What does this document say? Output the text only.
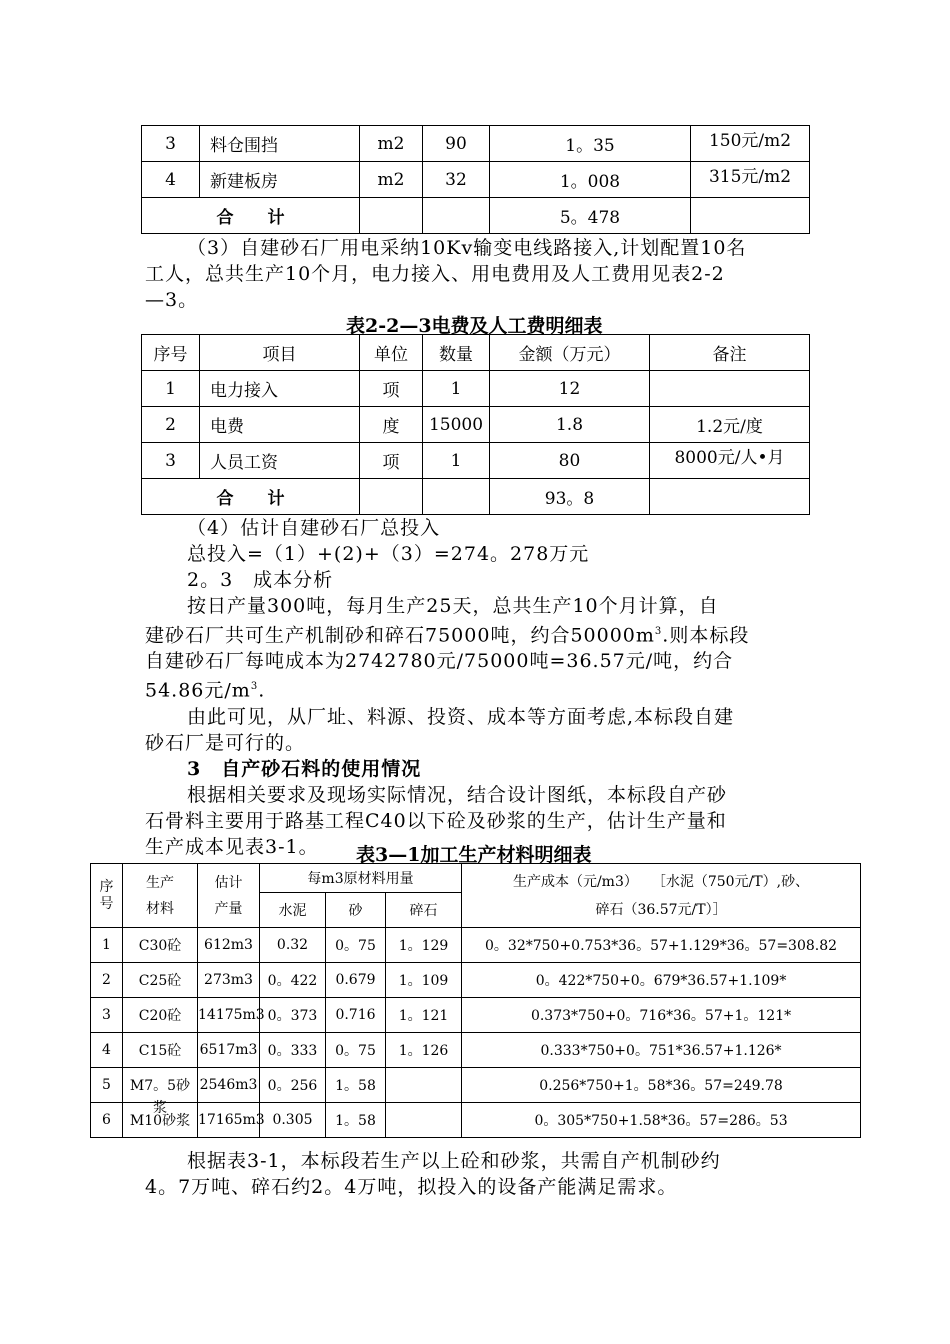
3	料仓围挡	m2	90	1。35	150元/m2
4	新建板房	m2	32	1。008	315元/m2
合　　计				5。478	
（3）自建砂石厂用电采纳10Kv输变电线路接入,计划配置10名
工人，总共生产10个月，电力接入、用电费用及人工费用见表2-2
—3。
表2-2—3电费及人工费明细表
序号	项目	单位	数量	金额（万元）	备注
1	电力接入	项	1	12	
2	电费	度	15000	1.8	1.2元/度
3	人员工资	项	1	80	8000元/人•月
合　　计				93。8	
（4）估计自建砂石厂总投入
总投入=（1）+(2)+（3）=274。278万元
2。3　成本分析
按日产量300吨，每月生产25天，总共生产10个月计算，自
建砂石厂共可生产机制砂和碎石75000吨，约合$50000m^3$.则本标段
自建砂石厂每吨成本为2742780元/75000吨=36.57元/吨，约合
54.86元$/m^3$.
由此可见，从厂址、料源、投资、成本等方面考虑,本标段自建
砂石厂是可行的。
3　自产砂石料的使用情况
根据相关要求及现场实际情况，结合设计图纸，本标段自产砂
石骨料主要用于路基工程C40以下砼及砂浆的生产，估计生产量和
生产成本见表3-1。	表3—1加工生产材料明细表
序号	生产材料	估计产量	每m3原材料用量			生产成本（元/m3）　　［水泥（750元/T）,砂、
碎石（36.57元/T）］

			水泥	砂	碎石	
1	C30砼	612m3	0.32	0。75	1。129	0。32*750+0.753*36。57+1.129*36。57=308.82
2	C25砼	273m3	0。422	0.679	1。109	0。422*750+0。679*36.57+1.109*

3	C20砼	14175m3	0。373	0.716	1。121	0.373*750+0。716*36。57+1。121*

4	C15砼	6517m3	0。333	0。75	1。126	0.333*750+0。751*36.57+1.126*

5	M7。5砂浆	2546m3	0。256	1。58		0.256*750+1。58*36。57=249.78
6	M10砂浆	17165m3	0.305	1。58		0。305*750+1.58*36。57=286。53
根据表3-1，本标段若生产以上砼和砂浆，共需自产机制砂约
4。7万吨、碎石约2。4万吨，拟投入的设备产能满足需求。
